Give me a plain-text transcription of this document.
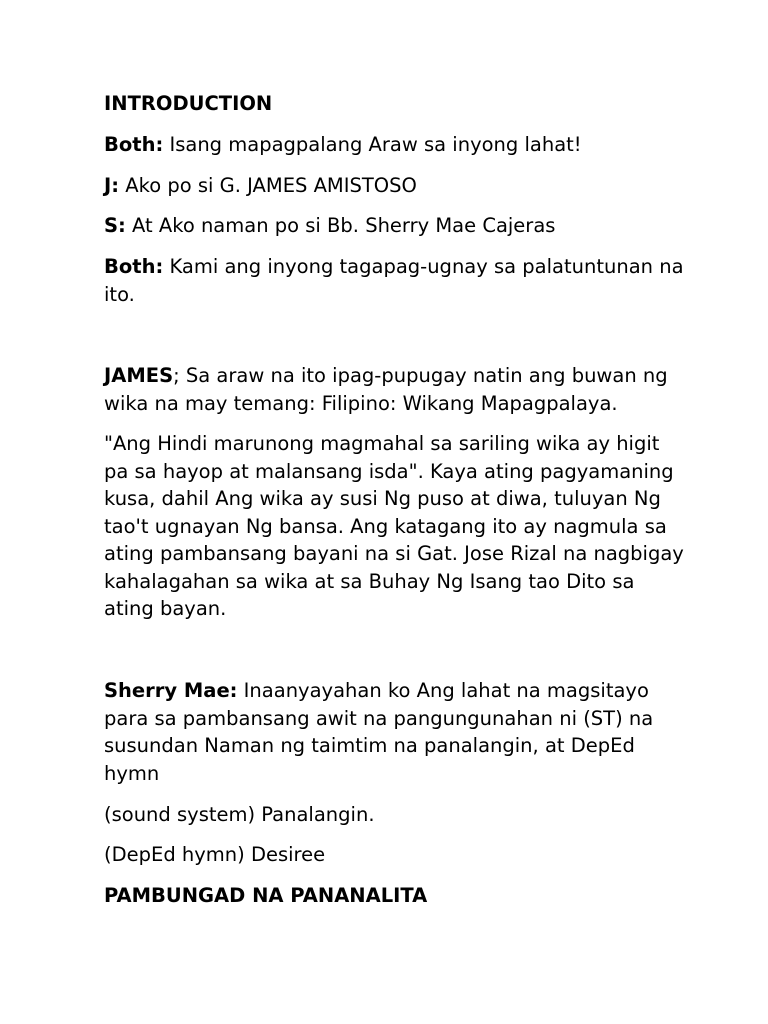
INTRODUCTION

Both: Isang mapagpalang Araw sa inyong lahat!

J: Ako po si G. JAMES AMISTOSO

S: At Ako naman po si Bb. Sherry Mae Cajeras

Both: Kami ang inyong tagapag-ugnay sa palatuntunan na ito.

JAMES; Sa araw na ito ipag-pupugay natin ang buwan ng wika na may temang: Filipino: Wikang Mapagpalaya.

"Ang Hindi marunong magmahal sa sariling wika ay higit pa sa hayop at malansang isda". Kaya ating pagyamaning kusa, dahil Ang wika ay susi Ng puso at diwa, tuluyan Ng tao't ugnayan Ng bansa. Ang katagang ito ay nagmula sa ating pambansang bayani na si Gat. Jose Rizal na nagbigay kahalagahan sa wika at sa Buhay Ng Isang tao Dito sa ating bayan.

Sherry Mae: Inaanyayahan ko Ang lahat na magsitayo para sa pambansang awit na pangungunahan ni (ST) na susundan Naman ng taimtim na panalangin, at DepEd hymn

(sound system) Panalangin.

(DepEd hymn) Desiree

PAMBUNGAD NA PANANALITA
